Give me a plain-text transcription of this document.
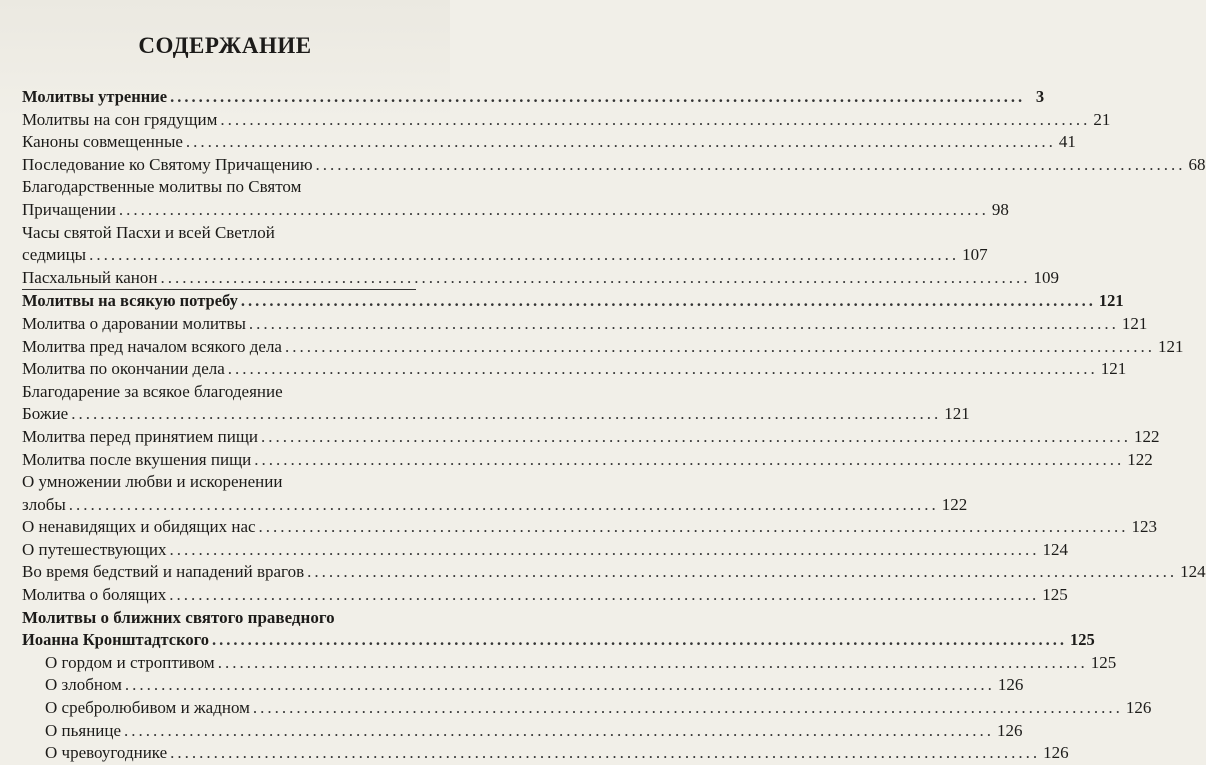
СОДЕРЖАНИЕ
Молитвы утренние ........................................................................................................................ 3
Молитвы на сон грядущим ........................................................................................................................ 21
Каноны совмещенные ........................................................................................................................ 41
Последование ко Святому Причащению ........................................................................................................................ 68
Благодарственные молитвы по Святом
Причащении ........................................................................................................................ 98
Часы святой Пасхи и всей Светлой
седмицы ........................................................................................................................ 107
Пасхальный канон ........................................................................................................................ 109
Молитвы на всякую потребу ........................................................................................................................ 121
Молитва о даровании молитвы ........................................................................................................................ 121
Молитва пред началом всякого дела ........................................................................................................................ 121
Молитва по окончании дела ........................................................................................................................ 121
Благодарение за всякое благодеяние
Божие ........................................................................................................................ 121
Молитва перед принятием пищи ........................................................................................................................ 122
Молитва после вкушения пищи ........................................................................................................................ 122
О умножении любви и искоренении
злобы ........................................................................................................................ 122
О ненавидящих и обидящих нас ........................................................................................................................ 123
О путешествующих ........................................................................................................................ 124
Во время бедствий и нападений врагов ........................................................................................................................ 124
Молитва о болящих ........................................................................................................................ 125
Молитвы о ближних святого праведного
Иоанна Кронштадтского ........................................................................................................................ 125
О гордом и строптивом ........................................................................................................................ 125
О злобном ........................................................................................................................ 126
О сребролюбивом и жадном ........................................................................................................................ 126
О пьянице ........................................................................................................................ 126
О чревоугоднике ........................................................................................................................ 126
